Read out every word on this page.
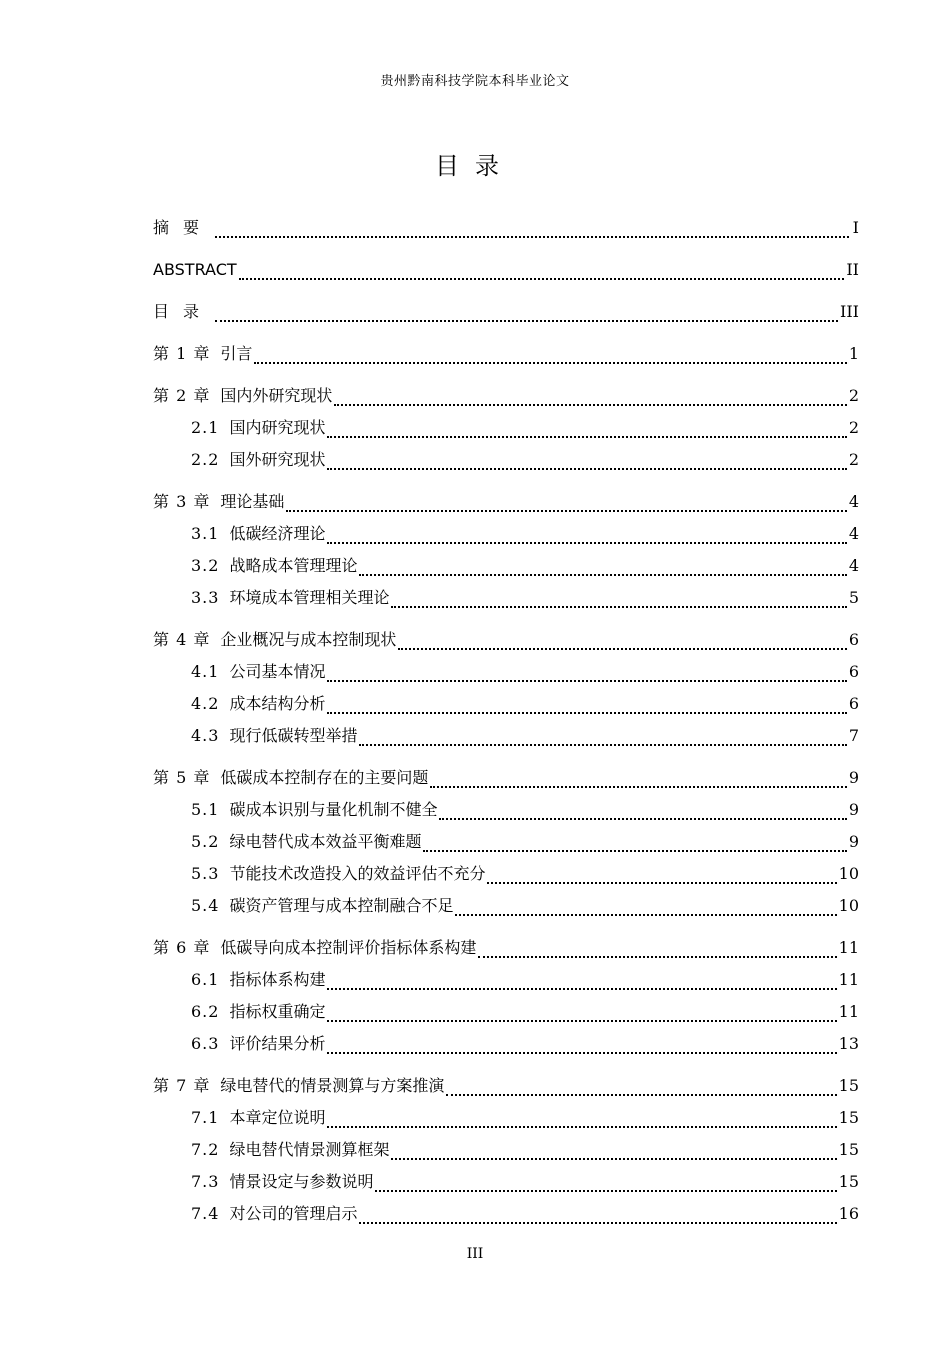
贵州黔南科技学院本科毕业论文
目录
摘要	I
ABSTRACT	II
目录	III
第 1 章 引言	1
第 2 章 国内外研究现状	2
2.1 国内研究现状	2
2.2 国外研究现状	2
第 3 章 理论基础	4
3.1 低碳经济理论	4
3.2 战略成本管理理论	4
3.3 环境成本管理相关理论	5
第 4 章 企业概况与成本控制现状	6
4.1 公司基本情况	6
4.2 成本结构分析	6
4.3 现行低碳转型举措	7
第 5 章 低碳成本控制存在的主要问题	9
5.1 碳成本识别与量化机制不健全	9
5.2 绿电替代成本效益平衡难题	9
5.3 节能技术改造投入的效益评估不充分	10
5.4 碳资产管理与成本控制融合不足	10
第 6 章 低碳导向成本控制评价指标体系构建	11
6.1 指标体系构建	11
6.2 指标权重确定	11
6.3 评价结果分析	13
第 7 章 绿电替代的情景测算与方案推演	15
7.1 本章定位说明	15
7.2 绿电替代情景测算框架	15
7.3 情景设定与参数说明	15
7.4 对公司的管理启示	16
III
